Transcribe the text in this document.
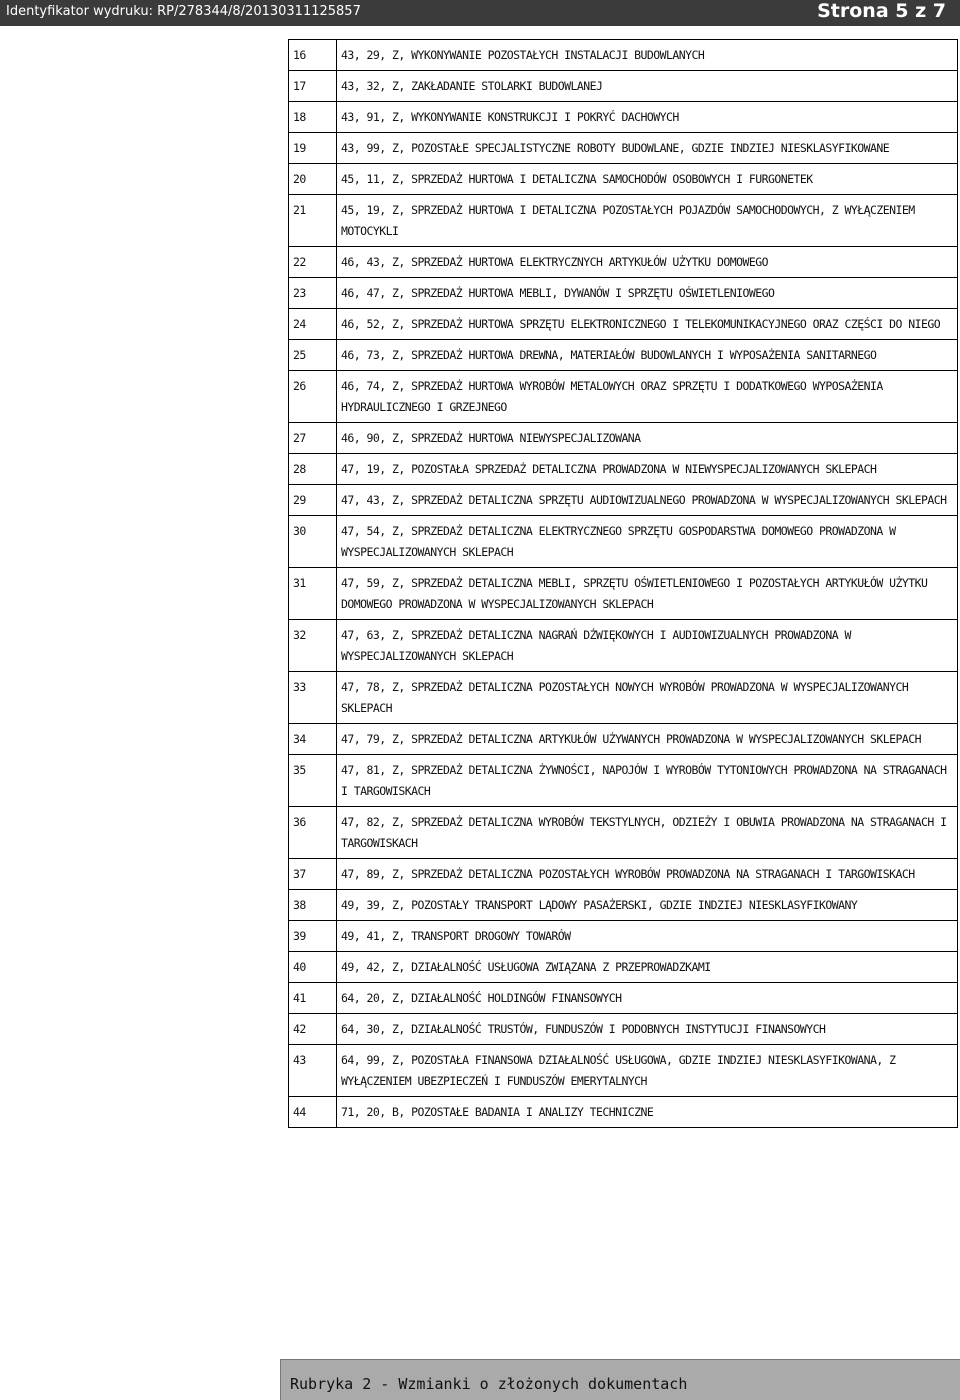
Identyfikator wydruku: RP/278344/8/20130311125857	Strona 5 z 7
16	43, 29, Z, WYKONYWANIE POZOSTAŁYCH INSTALACJI BUDOWLANYCH
17	43, 32, Z, ZAKŁADANIE STOLARKI BUDOWLANEJ
18	43, 91, Z, WYKONYWANIE KONSTRUKCJI I POKRYĆ DACHOWYCH
19	43, 99, Z, POZOSTAŁE SPECJALISTYCZNE ROBOTY BUDOWLANE, GDZIE INDZIEJ NIESKLASYFIKOWANE
20	45, 11, Z, SPRZEDAŻ HURTOWA I DETALICZNA SAMOCHODÓW OSOBOWYCH I FURGONETEK
21	45, 19, Z, SPRZEDAŻ HURTOWA I DETALICZNA POZOSTAŁYCH POJAZDÓW SAMOCHODOWYCH, Z WYŁĄCZENIEM MOTOCYKLI
22	46, 43, Z, SPRZEDAŻ HURTOWA ELEKTRYCZNYCH ARTYKUŁÓW UŻYTKU DOMOWEGO
23	46, 47, Z, SPRZEDAŻ HURTOWA MEBLI, DYWANÓW I SPRZĘTU OŚWIETLENIOWEGO
24	46, 52, Z, SPRZEDAŻ HURTOWA SPRZĘTU ELEKTRONICZNEGO I TELEKOMUNIKACYJNEGO ORAZ CZĘŚCI DO NIEGO
25	46, 73, Z, SPRZEDAŻ HURTOWA DREWNA, MATERIAŁÓW BUDOWLANYCH I WYPOSAŻENIA SANITARNEGO
26	46, 74, Z, SPRZEDAŻ HURTOWA WYROBÓW METALOWYCH ORAZ SPRZĘTU I DODATKOWEGO WYPOSAŻENIA HYDRAULICZNEGO I GRZEJNEGO
27	46, 90, Z, SPRZEDAŻ HURTOWA NIEWYSPECJALIZOWANA
28	47, 19, Z, POZOSTAŁA SPRZEDAŻ DETALICZNA PROWADZONA W NIEWYSPECJALIZOWANYCH SKLEPACH
29	47, 43, Z, SPRZEDAŻ DETALICZNA SPRZĘTU AUDIOWIZUALNEGO PROWADZONA W WYSPECJALIZOWANYCH SKLEPACH
30	47, 54, Z, SPRZEDAŻ DETALICZNA ELEKTRYCZNEGO SPRZĘTU GOSPODARSTWA DOMOWEGO PROWADZONA W WYSPECJALIZOWANYCH SKLEPACH
31	47, 59, Z, SPRZEDAŻ DETALICZNA MEBLI, SPRZĘTU OŚWIETLENIOWEGO I POZOSTAŁYCH ARTYKUŁÓW UŻYTKU DOMOWEGO PROWADZONA W WYSPECJALIZOWANYCH SKLEPACH
32	47, 63, Z, SPRZEDAŻ DETALICZNA NAGRAŃ DŹWIĘKOWYCH I AUDIOWIZUALNYCH PROWADZONA W WYSPECJALIZOWANYCH SKLEPACH
33	47, 78, Z, SPRZEDAŻ DETALICZNA POZOSTAŁYCH NOWYCH WYROBÓW PROWADZONA W WYSPECJALIZOWANYCH SKLEPACH
34	47, 79, Z, SPRZEDAŻ DETALICZNA ARTYKUŁÓW UŻYWANYCH PROWADZONA W WYSPECJALIZOWANYCH SKLEPACH
35	47, 81, Z, SPRZEDAŻ DETALICZNA ŻYWNOŚCI, NAPOJÓW I WYROBÓW TYTONIOWYCH PROWADZONA NA STRAGANACH I TARGOWISKACH
36	47, 82, Z, SPRZEDAŻ DETALICZNA WYROBÓW TEKSTYLNYCH, ODZIEŻY I OBUWIA PROWADZONA NA STRAGANACH I TARGOWISKACH
37	47, 89, Z, SPRZEDAŻ DETALICZNA POZOSTAŁYCH WYROBÓW PROWADZONA NA STRAGANACH I TARGOWISKACH
38	49, 39, Z, POZOSTAŁY TRANSPORT LĄDOWY PASAŻERSKI, GDZIE INDZIEJ NIESKLASYFIKOWANY
39	49, 41, Z, TRANSPORT DROGOWY TOWARÓW
40	49, 42, Z, DZIAŁALNOŚĆ USŁUGOWA ZWIĄZANA Z PRZEPROWADZKAMI
41	64, 20, Z, DZIAŁALNOŚĆ HOLDINGÓW FINANSOWYCH
42	64, 30, Z, DZIAŁALNOŚĆ TRUSTÓW, FUNDUSZÓW I PODOBNYCH INSTYTUCJI FINANSOWYCH
43	64, 99, Z, POZOSTAŁA FINANSOWA DZIAŁALNOŚĆ USŁUGOWA, GDZIE INDZIEJ NIESKLASYFIKOWANA, Z WYŁĄCZENIEM UBEZPIECZEŃ I FUNDUSZÓW EMERYTALNYCH
44	71, 20, B, POZOSTAŁE BADANIA I ANALIZY TECHNICZNE
Rubryka 2 - Wzmianki o złożonych dokumentach
